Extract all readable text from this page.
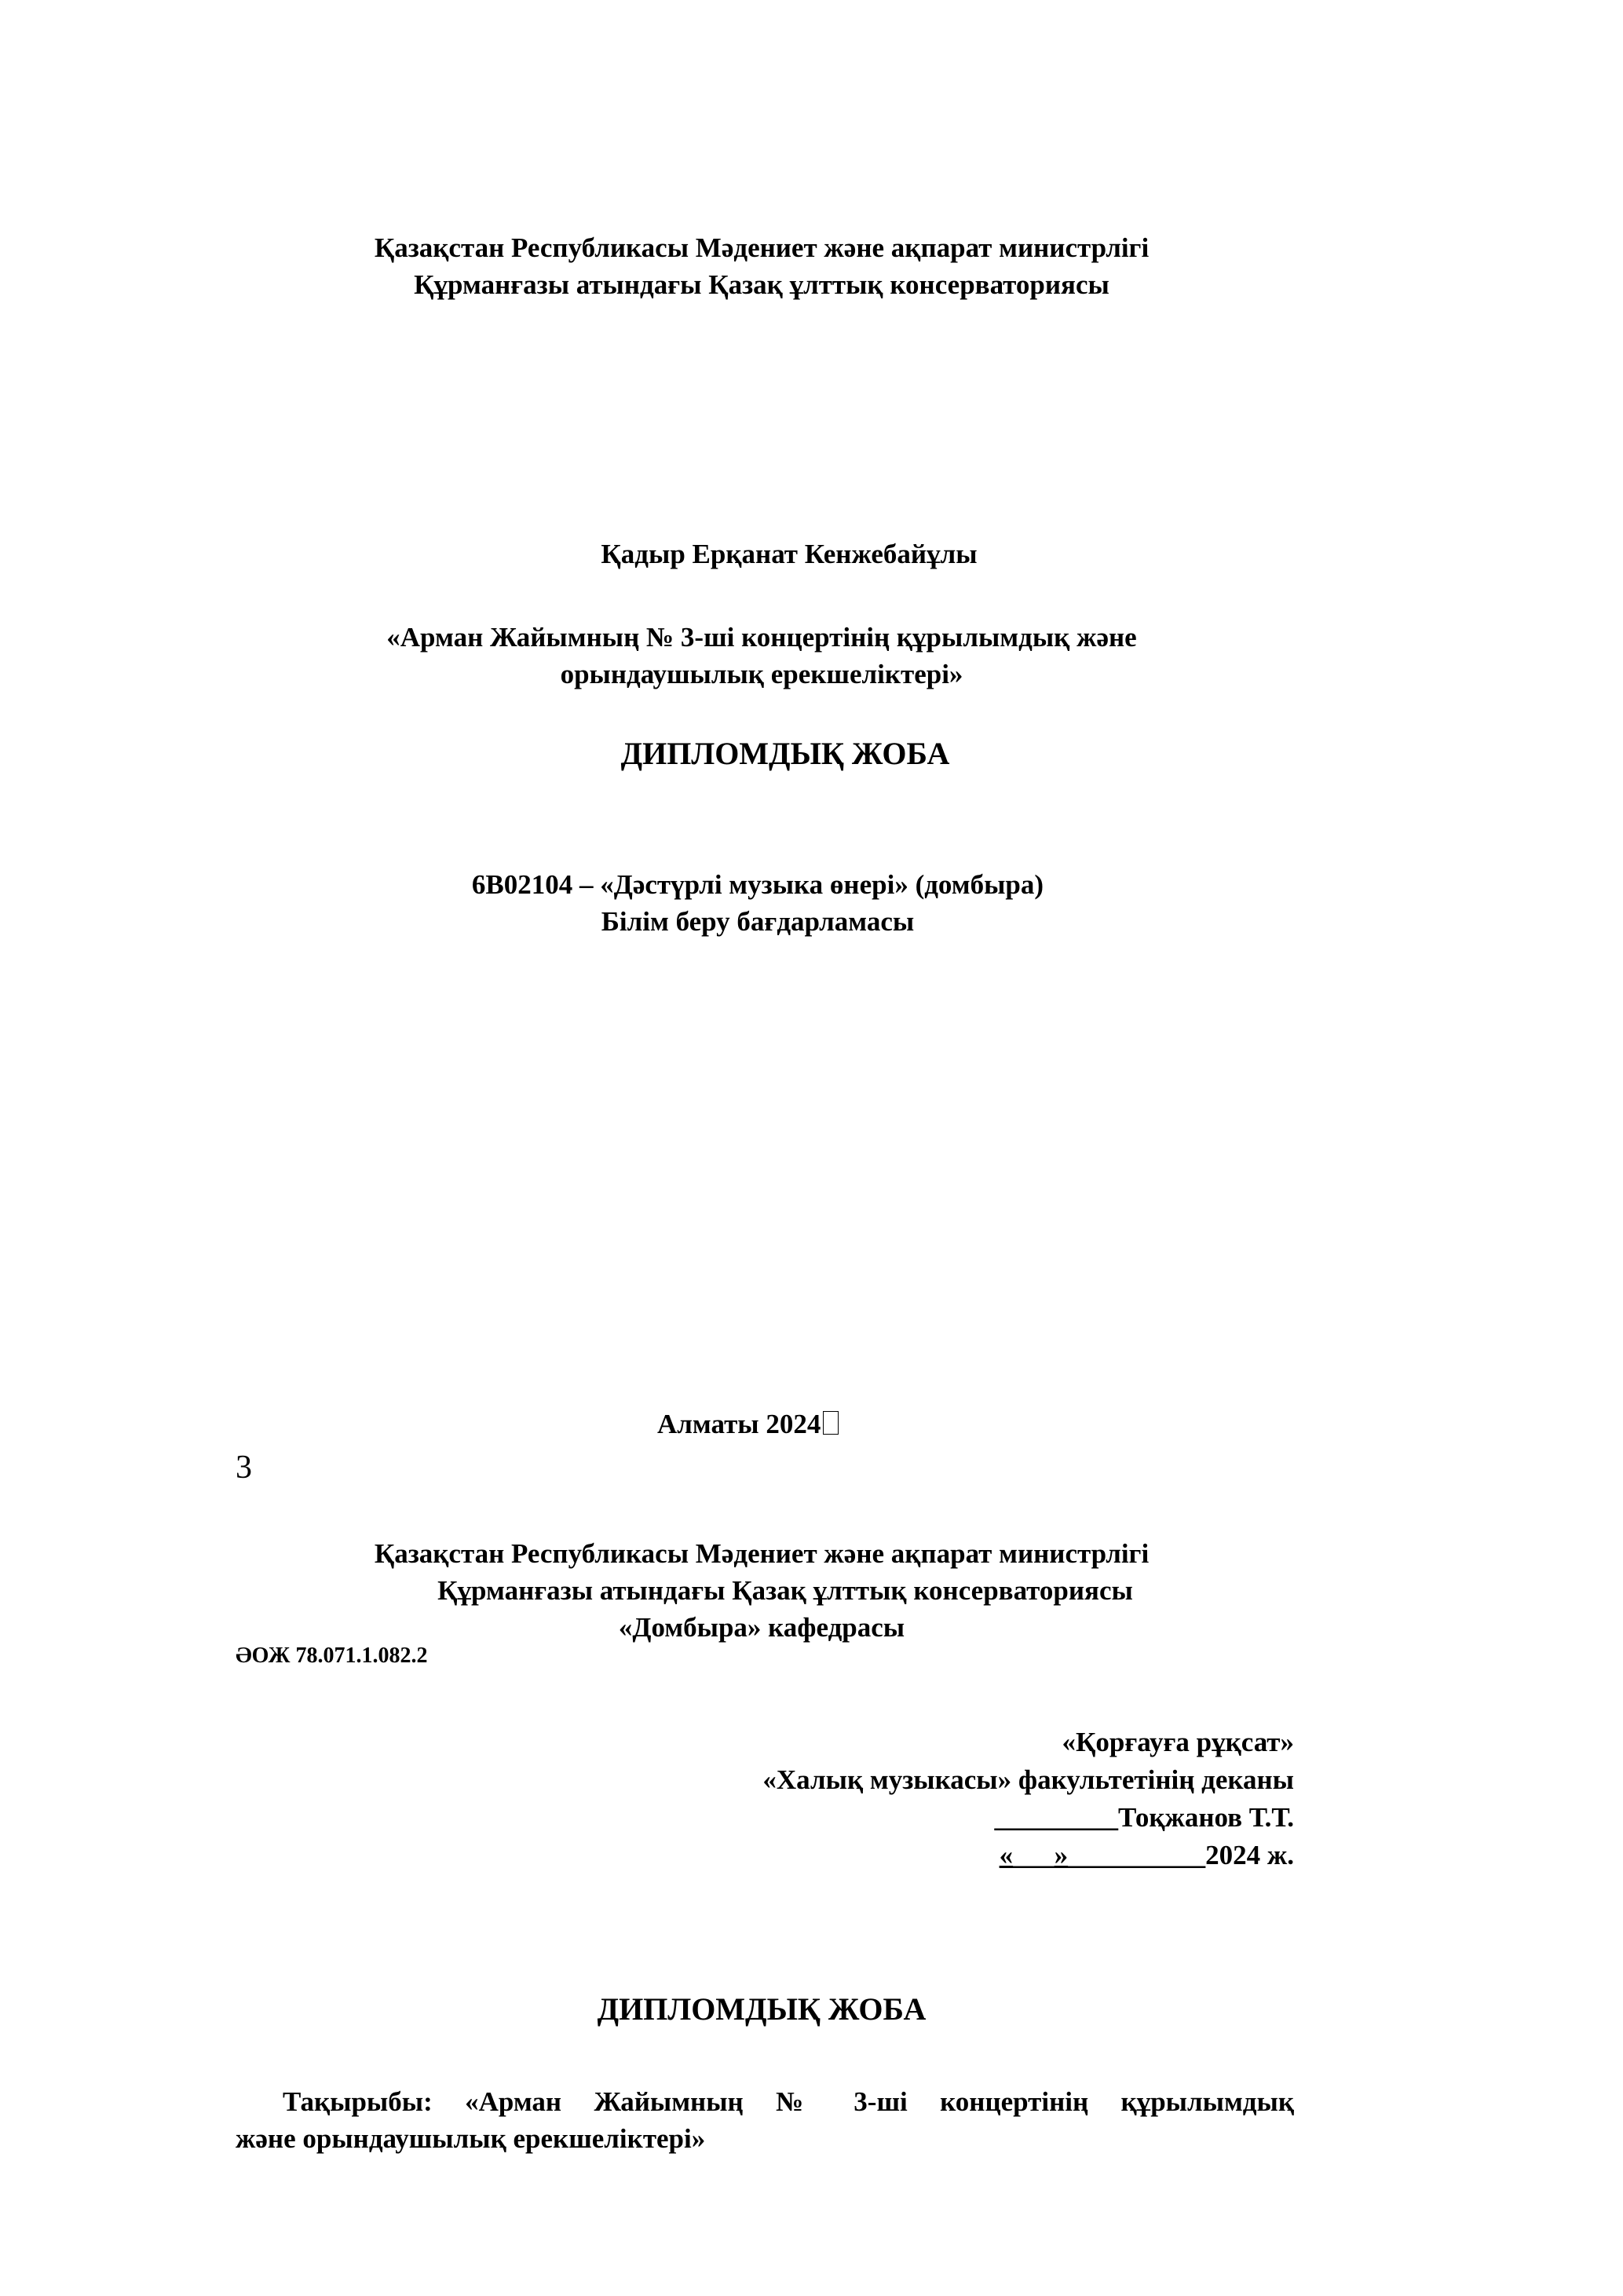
Қазақстан Республикасы Мәдениет және ақпарат министрлігі
Құрманғазы атындағы Қазақ ұлттық консерваториясы
Қадыр Ерқанат Кенжебайұлы
«Арман Жайымның № 3-ші концертінің құрылымдық және
орындаушылық ерекшеліктері»
ДИПЛОМДЫҚ ЖОБА
6В02104 – «Дәстүрлі музыка өнері» (домбыра)
Білім беру бағдарламасы
Алматы 2024
3
Қазақстан Республикасы Мәдениет және ақпарат министрлігі
Құрманғазы атындағы Қазақ ұлттық консерваториясы
«Домбыра» кафедрасы
ӘОЖ 78.071.1.082.2
«Қорғауға рұқсат»
«Халық музыкасы» факультетінің деканы
_________Тоқжанов Т.Т.
«___»__________2024 ж.
ДИПЛОМДЫҚ ЖОБА
Тақырыбы: «Арман Жайымның № 3-ші концертінің құрылымдық
және орындаушылық ерекшеліктері»
